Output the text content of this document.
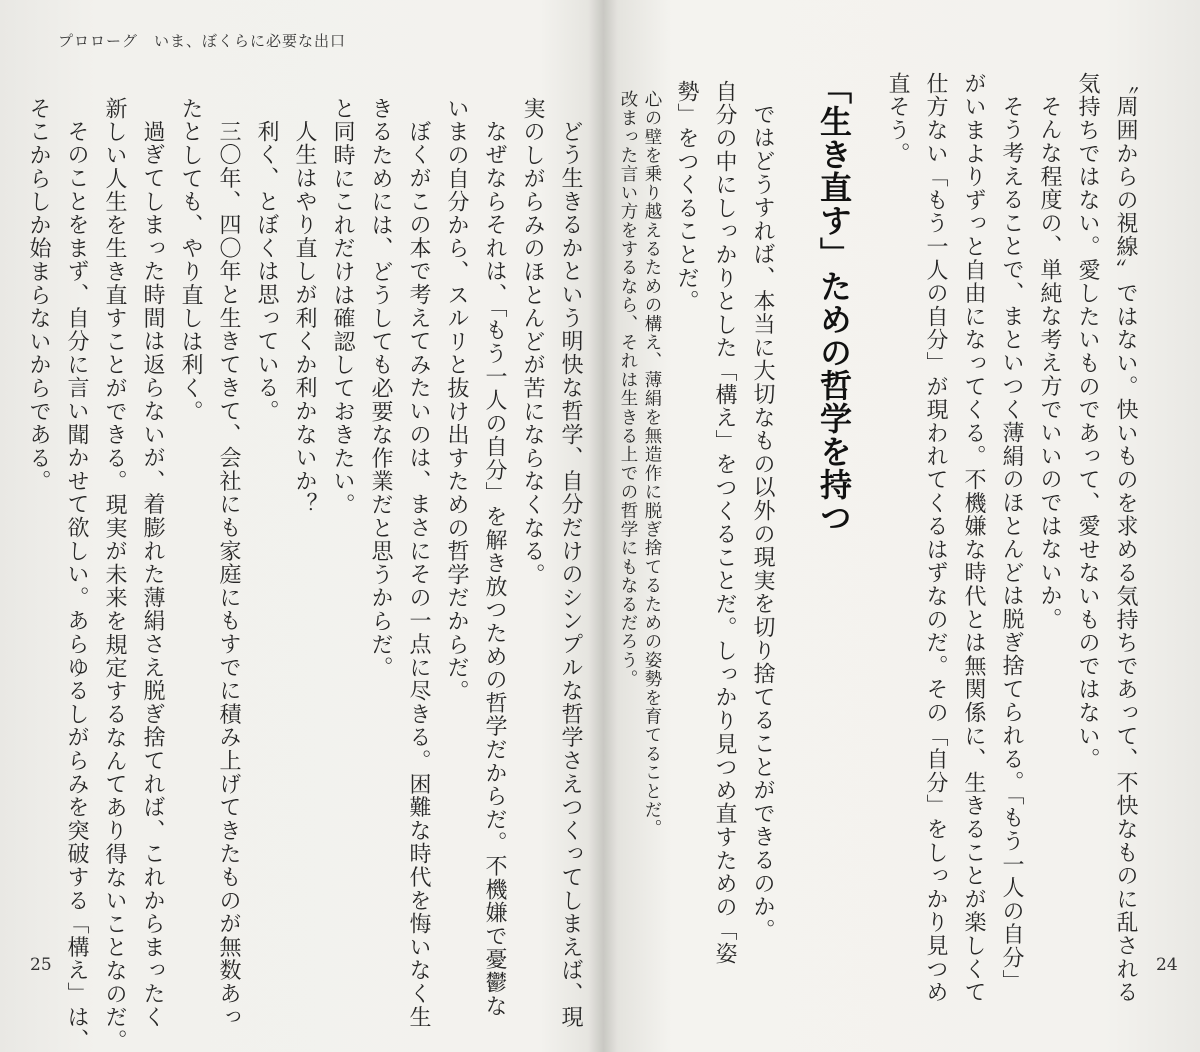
プロローグ　いま、ぼくらに必要な出口
どう生きるかという明快な哲学、自分だけのシンプルな哲学さえつくってしまえば、現
実のしがらみのほとんどが苦にならなくなる。
なぜならそれは、「もう一人の自分」を解き放つための哲学だからだ。不機嫌で憂鬱な
いまの自分から、スルリと抜け出すための哲学だからだ。
ぼくがこの本で考えてみたいのは、まさにその一点に尽きる。困難な時代を悔いなく生
きるためには、どうしても必要な作業だと思うからだ。
と同時にこれだけは確認しておきたい。
人生はやり直しが利くか利かないか？
利く、とぼくは思っている。
三〇年、四〇年と生きてきて、会社にも家庭にもすでに積み上げてきたものが無数あっ
たとしても、やり直しは利く。
過ぎてしまった時間は返らないが、着膨れた薄絹さえ脱ぎ捨てれば、これからまったく
新しい人生を生き直すことができる。現実が未来を規定するなんてあり得ないことなのだ。
そのことをまず、自分に言い聞かせて欲しい。あらゆるしがらみを突破する「構え」は、
そこからしか始まらないからである。
25	〝周囲からの視線〟ではない。快いものを求める気持ちであって、不快なものに乱される
気持ちではない。愛したいものであって、愛せないものではない。
そんな程度の、単純な考え方でいいのではないか。
そう考えることで、まといつく薄絹のほとんどは脱ぎ捨てられる。「もう一人の自分」
がいまよりずっと自由になってくる。不機嫌な時代とは無関係に、生きることが楽しくて
仕方ない「もう一人の自分」が現われてくるはずなのだ。その「自分」をしっかり見つめ
直そう。
「生き直す」ための哲学を持つ
ではどうすれば、本当に大切なもの以外の現実を切り捨てることができるのか。
自分の中にしっかりとした「構え」をつくることだ。しっかり見つめ直すための「姿
勢」をつくることだ。
心の壁を乗り越えるための構え、薄絹を無造作に脱ぎ捨てるための姿勢を育てることだ。
改まった言い方をするなら、それは生きる上での哲学にもなるだろう。
24
